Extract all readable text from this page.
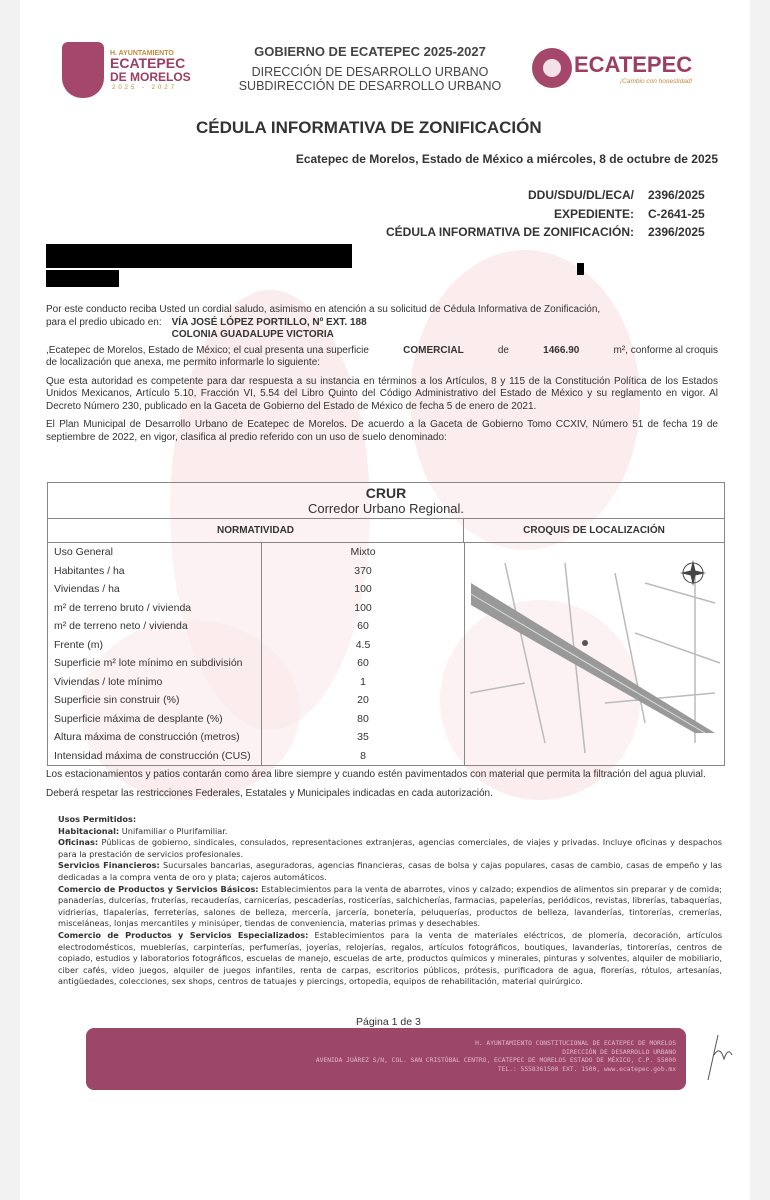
H. AYUNTAMIENTO
ECATEPEC
DE MORELOS
2025 - 2027
GOBIERNO DE ECATEPEC 2025-2027
DIRECCIÓN DE DESARROLLO URBANO
SUBDIRECCIÓN DE DESARROLLO URBANO
ECATEPEC
¡Cambio con honestidad!
CÉDULA INFORMATIVA DE ZONIFICACIÓN
Ecatepec de Morelos, Estado de México a miércoles, 8 de octubre de 2025
DDU/SDU/DL/ECA/	2396/2025
EXPEDIENTE:	C-2641-25
CÉDULA INFORMATIVA DE ZONIFICACIÓN:	2396/2025
Por este conducto reciba Usted un cordial saludo, asimismo en atención a su solicitud de Cédula Informativa de Zonificación,
para el predio ubicado en: VÍA JOSÉ LÓPEZ PORTILLO, Nº EXT. 188
COLONIA GUADALUPE VICTORIA
,Ecatepec de Morelos, Estado de México; el cual presenta una superficie	COMERCIAL	de	1466.90	m², conforme al croquis
de localización que anexa, me permito informarle lo siguiente:
Que esta autoridad es competente para dar respuesta a su instancia en términos a los Artículos, 8 y 115 de la Constitución Política de los Estados Unidos Mexicanos, Artículo 5.10, Fracción VI, 5.54 del Libro Quinto del Código Administrativo del Estado de México y su reglamento en vigor. Al Decreto Número 230, publicado en la Gaceta de Gobierno del Estado de México de fecha 5 de enero de 2021.
El Plan Municipal de Desarrollo Urbano de Ecatepec de Morelos. De acuerdo a la Gaceta de Gobierno Tomo CCXIV, Número 51 de fecha 19 de septiembre de 2022, en vigor, clasifica al predio referido con un uso de suelo denominado:
CRUR
Corredor Urbano Regional.
NORMATIVIDAD	CROQUIS DE LOCALIZACIÓN
Uso General	Mixto
Habitantes / ha	370
Viviendas / ha	100
m² de terreno bruto / vivienda	100
m² de terreno neto / vivienda	60
Frente (m)	4.5
Superficie m² lote mínimo en subdivisión	60
Viviendas / lote mínimo	1
Superficie sin construir (%)	20
Superficie máxima de desplante (%)	80
Altura máxima de construcción (metros)	35
Intensidad máxima de construcción (CUS)	8
Los estacionamientos y patios contarán como área libre siempre y cuando estén pavimentados con material que permita la filtración del agua pluvial.
Deberá respetar las restricciones Federales, Estatales y Municipales indicadas en cada autorización.
Usos Permitidos:
Habitacional: Unifamiliar o Plurifamiliar.
Oficinas: Públicas de gobierno, sindicales, consulados, representaciones extranjeras, agencias comerciales, de viajes y privadas. Incluye oficinas y despachos para la prestación de servicios profesionales.
Servicios Financieros: Sucursales bancarias, aseguradoras, agencias financieras, casas de bolsa y cajas populares, casas de cambio, casas de empeño y las dedicadas a la compra venta de oro y plata; cajeros automáticos.
Comercio de Productos y Servicios Básicos: Establecimientos para la venta de abarrotes, vinos y calzado; expendios de alimentos sin preparar y de comida; panaderías, dulcerías, fruterías, recauderías, carnicerías, pescaderías, rosticerías, salchicherías, farmacias, papelerías, periódicos, revistas, librerías, tabaquerías, vidrierías, tlapalerías, ferreterías, salones de belleza, mercería, jarcería, bonetería, peluquerías, productos de belleza, lavanderías, tintorerías, cremerías, misceláneas, lonjas mercantiles y minisúper, tiendas de conveniencia, materias primas y desechables.
Comercio de Productos y Servicios Especializados: Establecimientos para la venta de materiales eléctricos, de plomería, decoración, artículos electrodomésticos, mueblerías, carpinterías, perfumerías, joyerías, relojerías, regalos, artículos fotográficos, boutiques, lavanderías, tintorerías, centros de copiado, estudios y laboratorios fotográficos, escuelas de manejo, escuelas de arte, productos químicos y minerales, pinturas y solventes, alquiler de mobiliario, ciber cafés, video juegos, alquiler de juegos infantiles, renta de carpas, escritorios públicos, prótesis, purificadora de agua, florerías, rótulos, artesanías, antigüedades, colecciones, sex shops, centros de tatuajes y piercings, ortopedia, equipos de rehabilitación, material quirúrgico.
Página 1 de 3
H. AYUNTAMIENTO CONSTITUCIONAL DE ECATEPEC DE MORELOS
DIRECCIÓN DE DESARROLLO URBANO
AVENIDA JUÁREZ S/N, COL. SAN CRISTÓBAL CENTRO, ECATEPEC DE MORELOS ESTADO DE MÉXICO, C.P. 55000
TEL.: 5558361500 EXT. 1500, www.ecatepec.gob.mx
